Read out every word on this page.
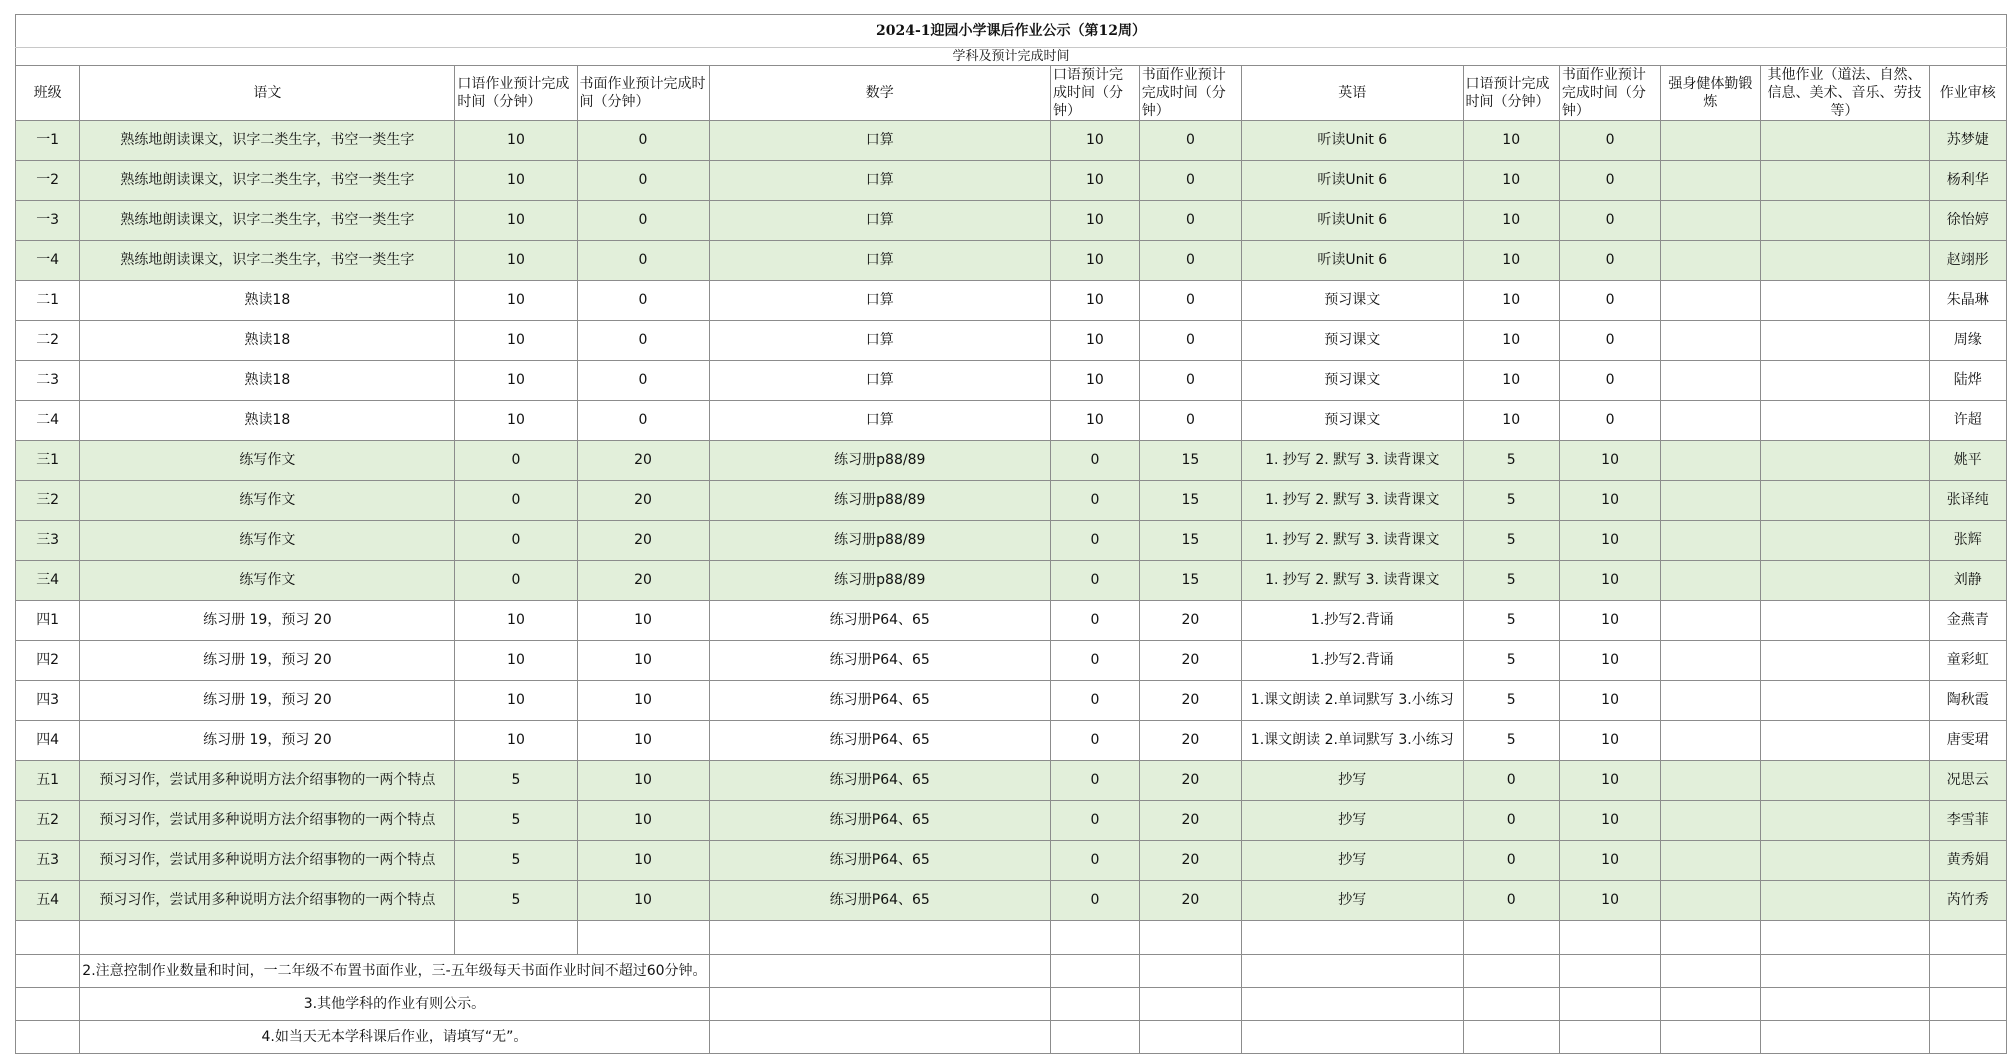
2024-1迎园小学课后作业公示（第12周）												
学科及预计完成时间												
班级	语文	口语作业预计完成时间（分钟）	书面作业预计完成时间（分钟）	数学	口语预计完成时间（分钟）	书面作业预计完成时间（分钟）	英语	口语预计完成时间（分钟）	书面作业预计完成时间（分钟）	强身健体勤锻炼	其他作业（道法、自然、信息、美术、音乐、劳技等）	作业审核
一1	熟练地朗读课文，识字二类生字，书空一类生字	10	0	口算	10	0	听读Unit 6	10	0			苏梦婕
一2	熟练地朗读课文，识字二类生字，书空一类生字	10	0	口算	10	0	听读Unit 6	10	0			杨利华
一3	熟练地朗读课文，识字二类生字，书空一类生字	10	0	口算	10	0	听读Unit 6	10	0			徐怡婷
一4	熟练地朗读课文，识字二类生字，书空一类生字	10	0	口算	10	0	听读Unit 6	10	0			赵翊彤
二1	熟读18	10	0	口算	10	0	预习课文	10	0			朱晶琳
二2	熟读18	10	0	口算	10	0	预习课文	10	0			周缘
二3	熟读18	10	0	口算	10	0	预习课文	10	0			陆烨
二4	熟读18	10	0	口算	10	0	预习课文	10	0			许超
三1	练写作文	0	20	练习册p88/89	0	15	1. 抄写 2. 默写 3. 读背课文	5	10			姚平
三2	练写作文	0	20	练习册p88/89	0	15	1. 抄写 2. 默写 3. 读背课文	5	10			张译纯
三3	练写作文	0	20	练习册p88/89	0	15	1. 抄写 2. 默写 3. 读背课文	5	10			张辉
三4	练写作文	0	20	练习册p88/89	0	15	1. 抄写 2. 默写 3. 读背课文	5	10			刘静
四1	练习册 19，预习 20	10	10	练习册P64、65	0	20	1.抄写2.背诵	5	10			金燕青
四2	练习册 19，预习 20	10	10	练习册P64、65	0	20	1.抄写2.背诵	5	10			童彩虹
四3	练习册 19，预习 20	10	10	练习册P64、65	0	20	1.课文朗读 2.单词默写 3.小练习	5	10			陶秋霞
四4	练习册 19，预习 20	10	10	练习册P64、65	0	20	1.课文朗读 2.单词默写 3.小练习	5	10			唐雯珺
五1	预习习作，尝试用多种说明方法介绍事物的一两个特点	5	10	练习册P64、65	0	20	抄写	0	10			况思云
五2	预习习作，尝试用多种说明方法介绍事物的一两个特点	5	10	练习册P64、65	0	20	抄写	0	10			李雪菲
五3	预习习作，尝试用多种说明方法介绍事物的一两个特点	5	10	练习册P64、65	0	20	抄写	0	10			黄秀娟
五4	预习习作，尝试用多种说明方法介绍事物的一两个特点	5	10	练习册P64、65	0	20	抄写	0	10			芮竹秀

	2.注意控制作业数量和时间，一二年级不布置书面作业，三-五年级每天书面作业时间不超过60分钟。											
	3.其他学科的作业有则公示。											
	4.如当天无本学科课后作业，请填写“无”。											
